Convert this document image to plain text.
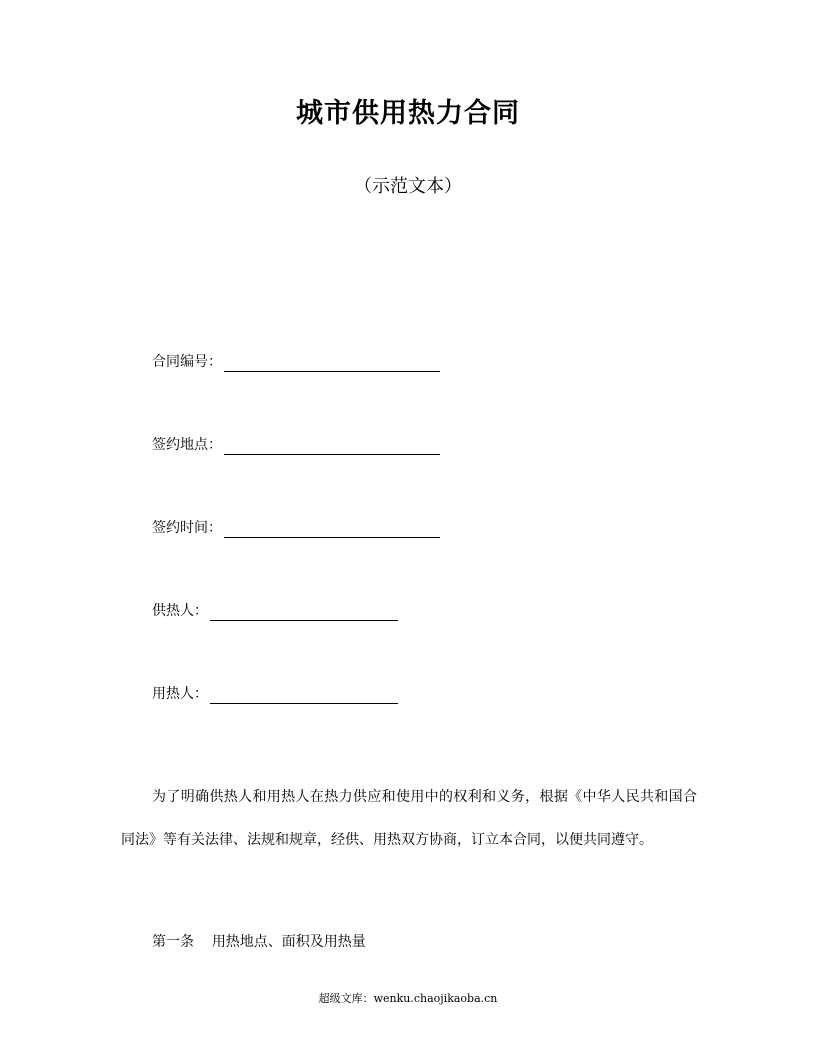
城市供用热力合同
（示范文本）
合同编号：
签约地点：
签约时间：
供热人：
用热人：

为了明确供热人和用热人在热力供应和使用中的权利和义务，根据《中华人民共和国合同法》等有关法律、法规和规章，经供、用热双方协商，订立本合同，以便共同遵守。

第一条 用热地点、面积及用热量
超级文库：wenku.chaojikaoba.cn
